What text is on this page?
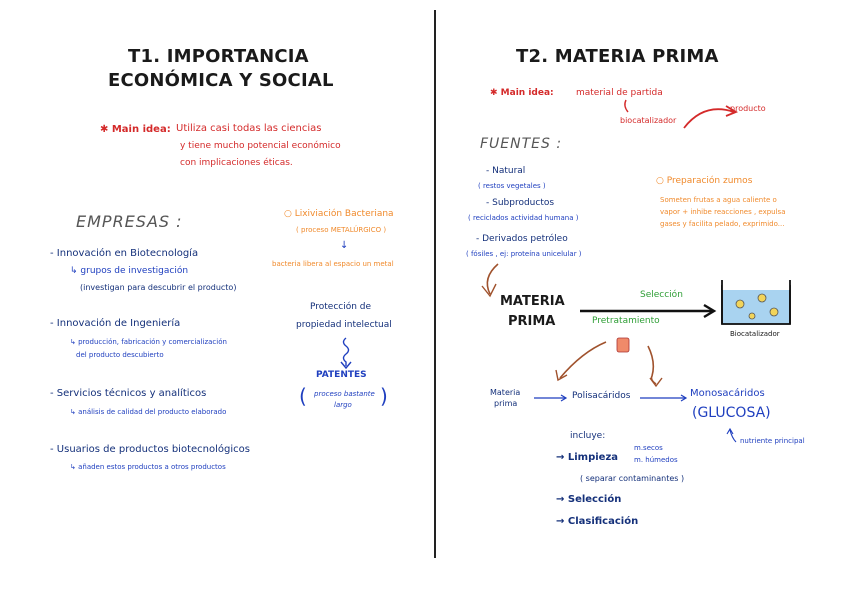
T1. IMPORTANCIA
ECONÓMICA Y SOCIAL
✱ Main idea: Utiliza casi todas las ciencias
y tiene mucho potencial económico
con implicaciones éticas.
EMPRESAS :
- Innovación en Biotecnología
↳ grupos de investigación
(investigan para descubrir el producto)
- Innovación de Ingeniería
↳ producción, fabricación y comercialización
del producto descubierto
- Servicios técnicos y analíticos
↳ análisis de calidad del producto elaborado
- Usuarios de productos biotecnológicos
↳ añaden estos productos a otros productos
○ Lixiviación Bacteriana
( proceso METALÚRGICO )
↓
bacteria libera al espacio un metal
Protección de
propiedad intelectual
PATENTES
proceso bastante
largo
(	)
T2. MATERIA PRIMA
✱ Main idea: material de partida
biocatalizador
producto
FUENTES :
- Natural
( restos vegetales )
- Subproductos
( reciclados actividad humana )
- Derivados petróleo
( fósiles , ej: proteína unicelular )
○ Preparación zumos
Someten frutas a agua caliente o
vapor + inhibe reacciones , expulsa
gases y facilita pelado, exprimido...
MATERIA
PRIMA
Selección
Pretratamiento
Biocatalizador
Materia
prima
Polisacáridos	Monosacáridos
(GLUCOSA)
nutriente principal
incluye:
→ Limpieza
m.secos
m. húmedos
( separar contaminantes )
→ Selección
→ Clasificación
